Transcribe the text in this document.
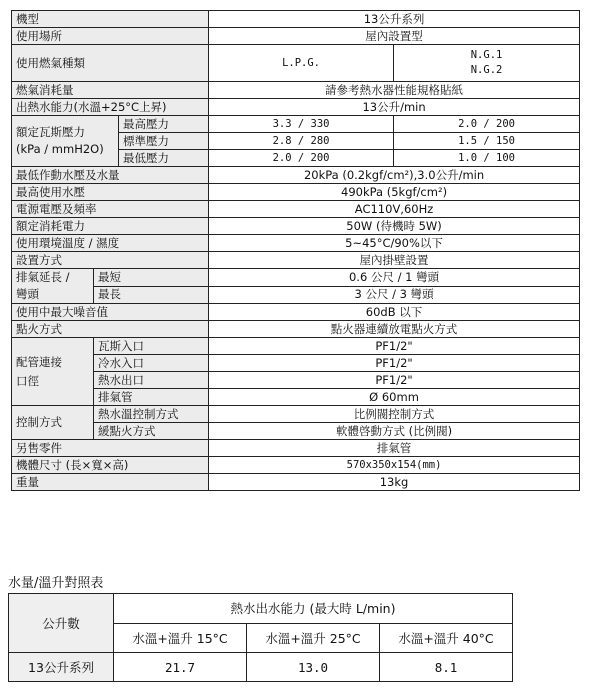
機型			13公升系列	
使用場所			屋內設置型	
使用燃氣種類			L.P.G.	N.G.1
N.G.2

燃氣消耗量			請參考熱水器性能規格貼紙	
出熱水能力(水溫+25°C上昇)			13公升/min	

額定瓦斯壓力
(kPa / mmH2O)		最高壓力	3.3 / 330	2.0 / 200
		標準壓力	2.8 / 280	1.5 / 150
		最低壓力	2.0 / 200	1.0 / 100
最低作動水壓及水量			20kPa (0.2kgf/cm²),3.0公升/min	
最高使用水壓			490kPa (5kgf/cm²)	
電源電壓及頻率			AC110V,60Hz	
額定消耗電力			50W (待機時 5W)	
使用環境溫度 / 濕度			5~45°C/90%以下	
設置方式			屋內掛壁設置	

排氣延長 /
彎頭	最短		0.6 公尺 / 1 彎頭	
	最長		3 公尺 / 3 彎頭	
使用中最大噪音值			60dB 以下	
點火方式			點火器連續放電點火方式	

配管連接
口徑	瓦斯入口		PF1/2"	
	冷水入口		PF1/2"	
	熱水出口		PF1/2"	
	排氣管		Ø 60mm	
控制方式	熱水溫控制方式		比例閥控制方式	
	緩點火方式		軟體啓動方式 (比例閥)	
另售零件			排氣管	
機體尺寸 (長×寬×高)			570x350x154(mm)	
重量			13kg	
水量/溫升對照表
公升數	熱水出水能力 (最大時 L/min)		
	水溫+溫升 15°C	水溫+溫升 25°C	水溫+溫升 40°C
13公升系列	21.7	13.0	8.1
